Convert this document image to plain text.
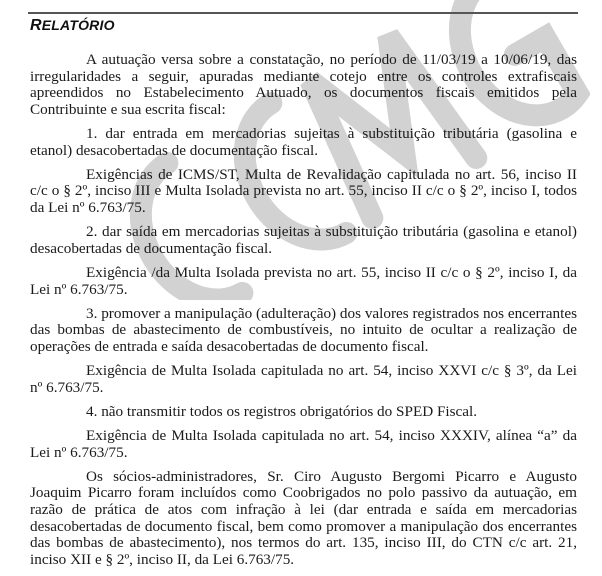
RELATÓRIO

A autuação versa sobre a constatação, no período de 11/03/19 a 10/06/19, das irregularidades a seguir, apuradas mediante cotejo entre os controles extrafiscais apreendidos no Estabelecimento Autuado, os documentos fiscais emitidos pela Contribuinte e sua escrita fiscal:

1. dar entrada em mercadorias sujeitas à substituição tributária (gasolina e etanol) desacobertadas de documentação fiscal.

Exigências de ICMS/ST, Multa de Revalidação capitulada no art. 56, inciso II c/c o § 2º, inciso III e Multa Isolada prevista no art. 55, inciso II c/c o § 2º, inciso I, todos da Lei nº 6.763/75.

2. dar saída em mercadorias sujeitas à substituição tributária (gasolina e etanol) desacobertadas de documentação fiscal.

Exigência /da Multa Isolada prevista no art. 55, inciso II c/c o § 2º, inciso I, da Lei nº 6.763/75.

3. promover a manipulação (adulteração) dos valores registrados nos encerrantes das bombas de abastecimento de combustíveis, no intuito de ocultar a realização de operações de entrada e saída desacobertadas de documento fiscal.

Exigência de Multa Isolada capitulada no art. 54, inciso XXVI c/c § 3º, da Lei nº 6.763/75.

4. não transmitir todos os registros obrigatórios do SPED Fiscal.

Exigência de Multa Isolada capitulada no art. 54, inciso XXXIV, alínea “a” da Lei nº 6.763/75.

Os sócios-administradores, Sr. Ciro Augusto Bergomi Picarro e Augusto Joaquim Picarro foram incluídos como Coobrigados no polo passivo da autuação, em razão de prática de atos com infração à lei (dar entrada e saída em mercadorias desacobertadas de documento fiscal, bem como promover a manipulação dos encerrantes das bombas de abastecimento), nos termos do art. 135, inciso III, do CTN c/c art. 21, inciso XII e § 2º, inciso II, da Lei 6.763/75.
